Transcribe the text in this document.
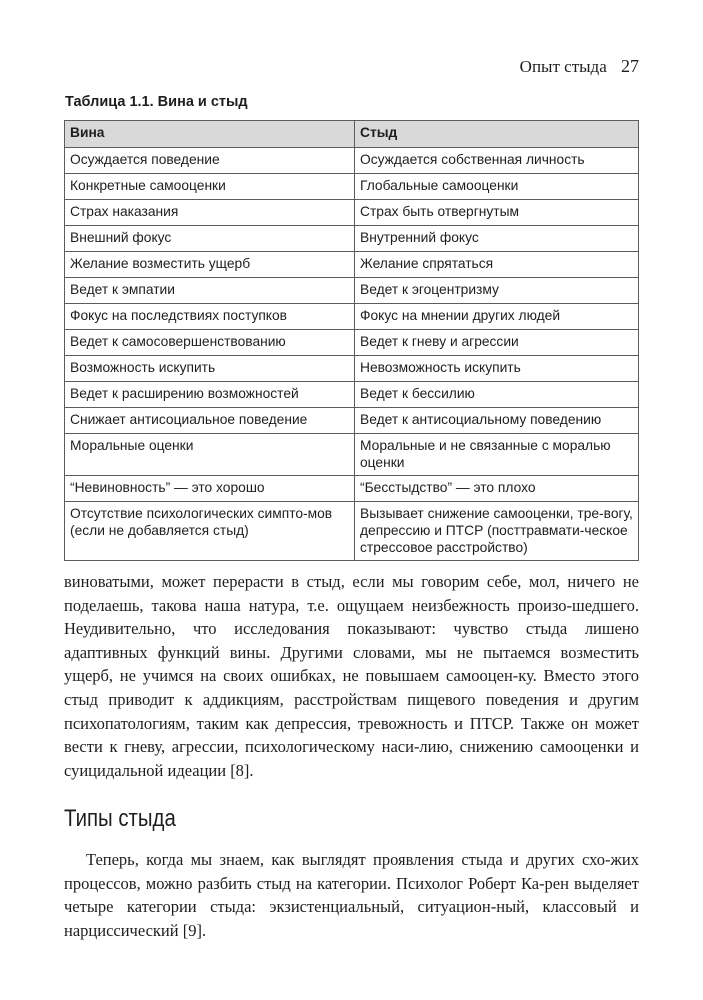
Опыт стыда 27
Таблица 1.1. Вина и стыд
Вина	Стыд
Осуждается поведение	Осуждается собственная личность
Конкретные самооценки	Глобальные самооценки
Страх наказания	Страх быть отвергнутым
Внешний фокус	Внутренний фокус
Желание возместить ущерб	Желание спрятаться
Ведет к эмпатии	Ведет к эгоцентризму
Фокус на последствиях поступков	Фокус на мнении других людей
Ведет к самосовершенствованию	Ведет к гневу и агрессии
Возможность искупить	Невозможность искупить
Ведет к расширению возможностей	Ведет к бессилию
Снижает антисоциальное поведение	Ведет к антисоциальному поведению
Моральные оценки	Моральные и не связанные с моралью оценки
“Невиновность” — это хорошо	“Бесстыдство” — это плохо
Отсутствие психологических симпто-мов (если не добавляется стыд)	Вызывает снижение самооценки, тре-вогу, депрессию и ПТСР (посттравмати-ческое стрессовое расстройство)

виноватыми, может перерасти в стыд, если мы говорим себе, мол, ничего не поделаешь, такова наша натура, т.е. ощущаем неизбежность произо-шедшего. Неудивительно, что исследования показывают: чувство стыда лишено адаптивных функций вины. Другими словами, мы не пытаемся возместить ущерб, не учимся на своих ошибках, не повышаем самооцен-ку. Вместо этого стыд приводит к аддикциям, расстройствам пищевого поведения и другим психопатологиям, таким как депрессия, тревожность и ПТСР. Также он может вести к гневу, агрессии, психологическому наси-лию, снижению самооценки и суицидальной идеации [8].

Типы стыда

Теперь, когда мы знаем, как выглядят проявления стыда и других схо-жих процессов, можно разбить стыд на категории. Психолог Роберт Ка-рен выделяет четыре категории стыда: экзистенциальный, ситуацион-ный, классовый и нарциссический [9].
